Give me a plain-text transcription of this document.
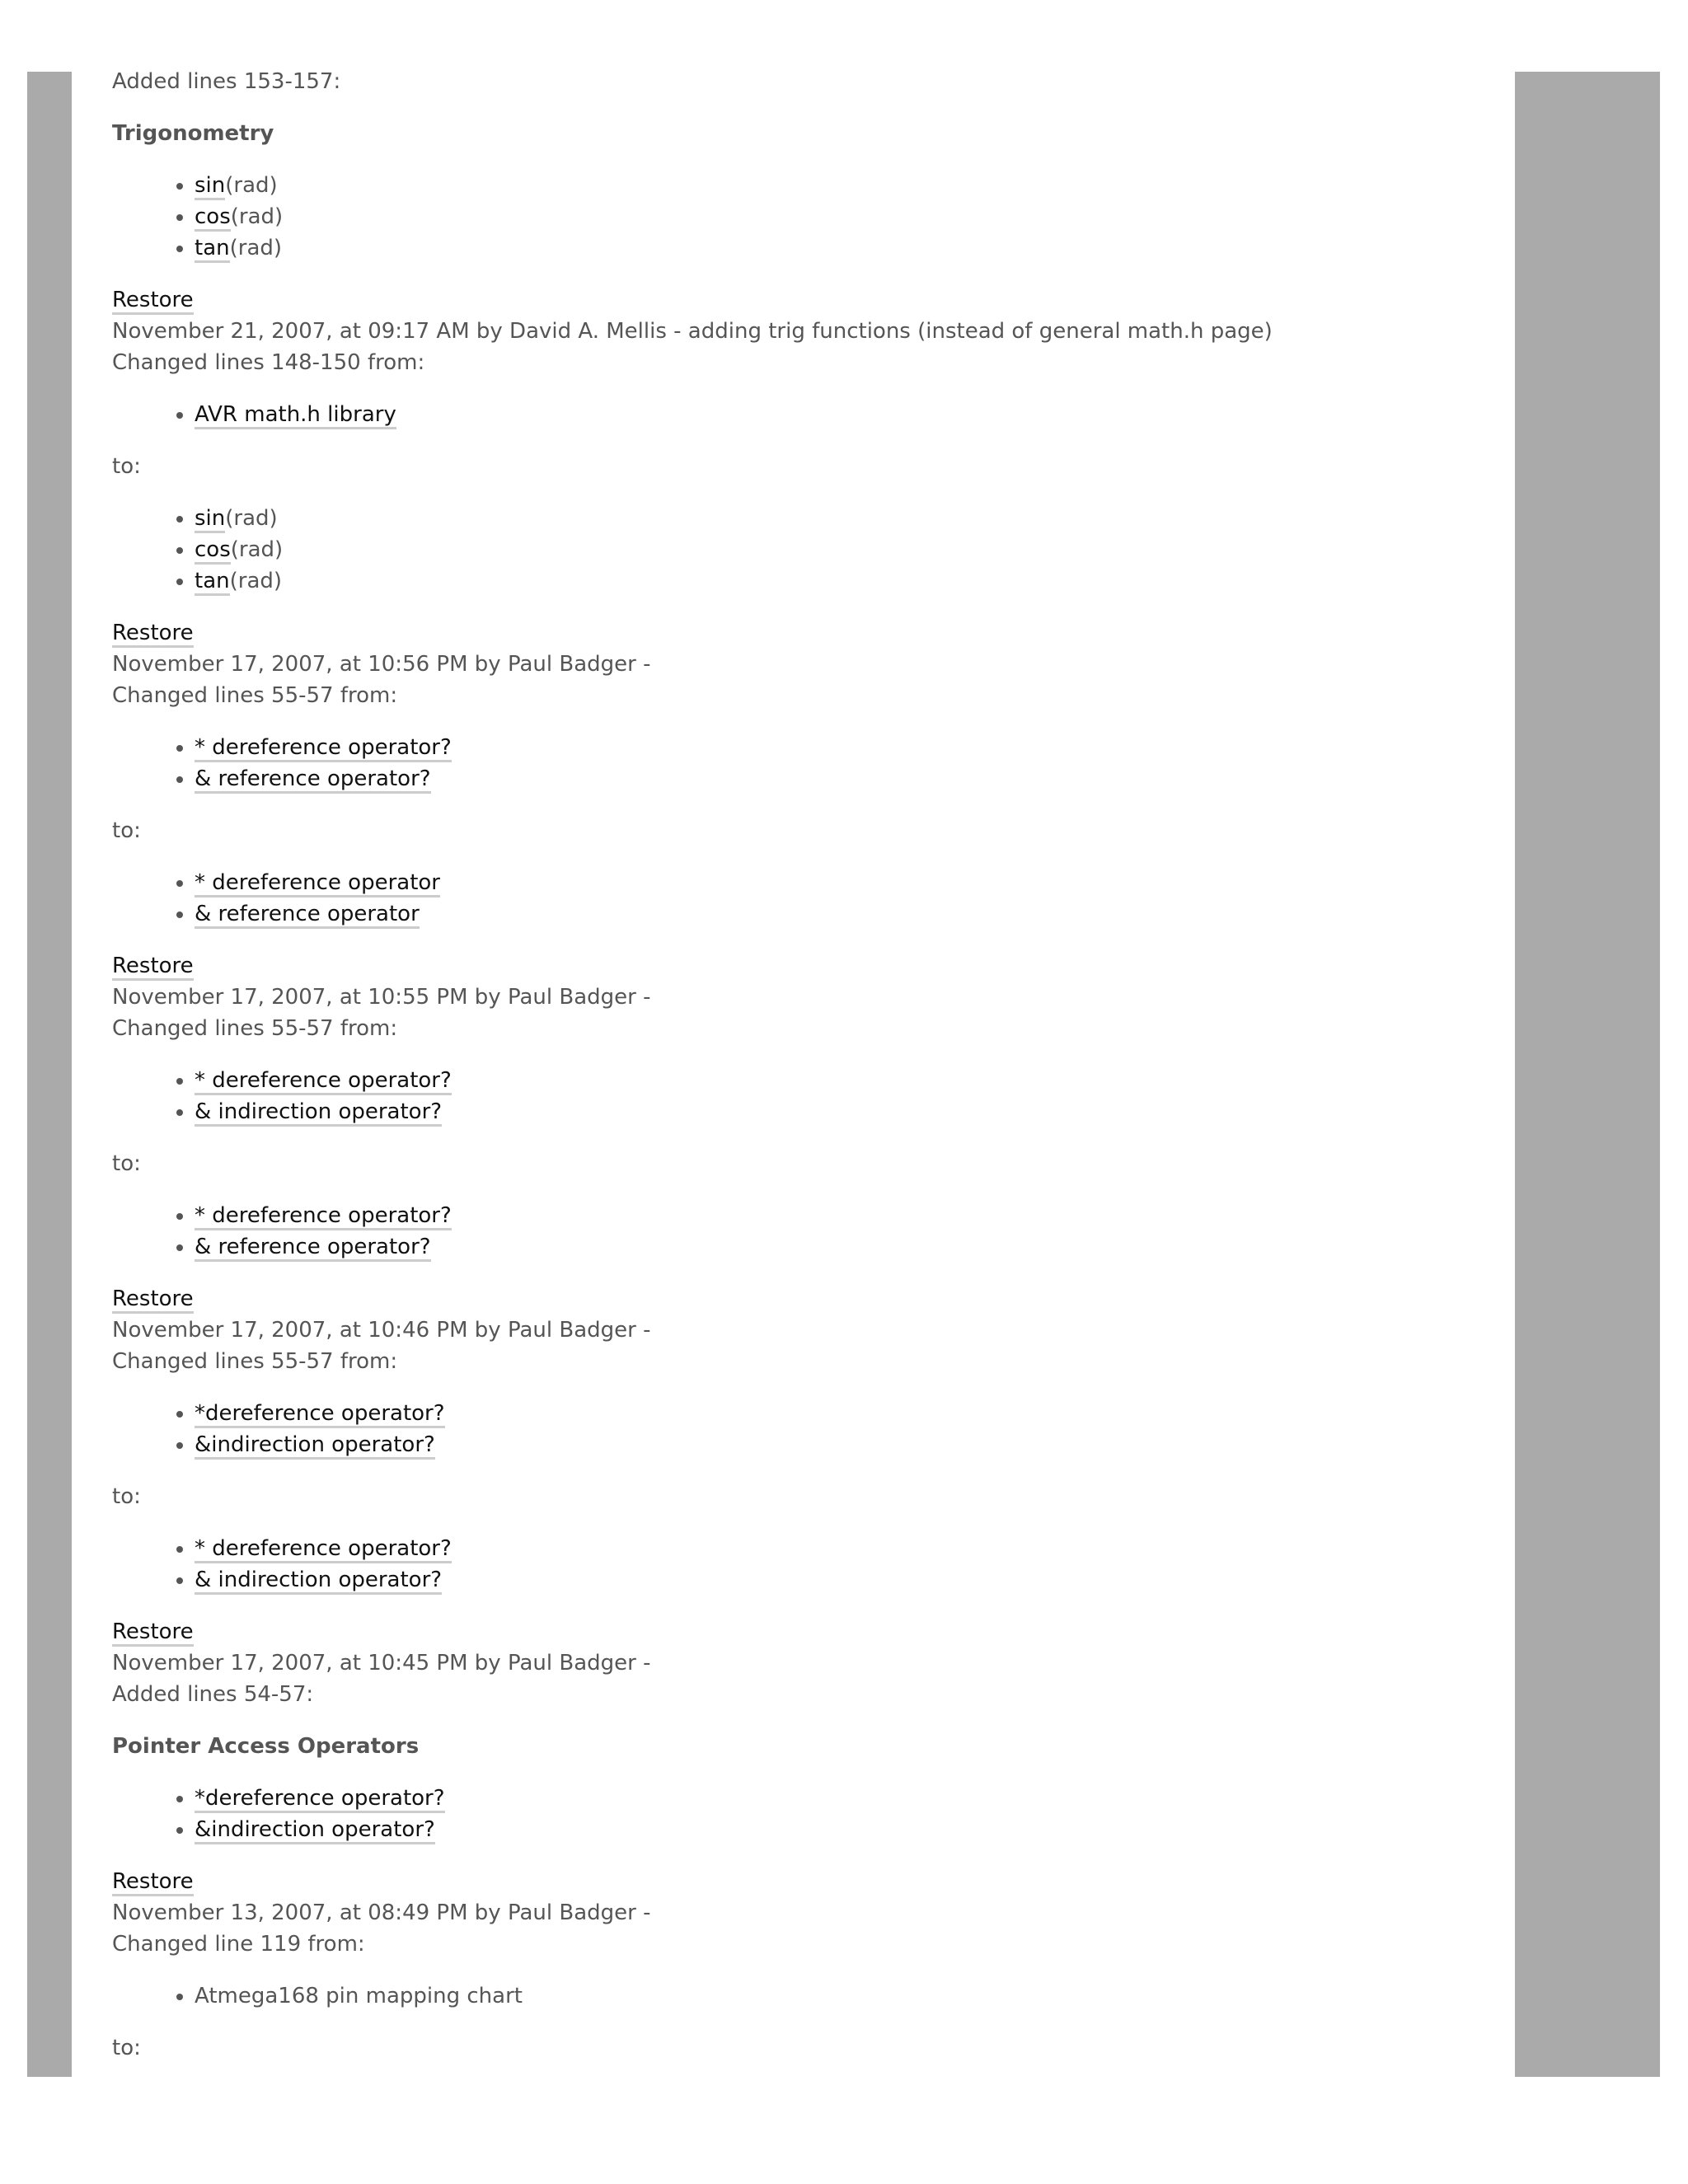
Added lines 153-157:

Trigonometry

• sin(rad)
• cos(rad)
• tan(rad)

Restore

November 21, 2007, at 09:17 AM by David A. Mellis - adding trig functions (instead of general math.h page)

Changed lines 148-150 from:

• AVR math.h library

to:

• sin(rad)
• cos(rad)
• tan(rad)

Restore

November 17, 2007, at 10:56 PM by Paul Badger -

Changed lines 55-57 from:

• * dereference operator?
• & reference operator?

to:

• * dereference operator
• & reference operator

Restore

November 17, 2007, at 10:55 PM by Paul Badger -

Changed lines 55-57 from:

• * dereference operator?
• & indirection operator?

to:

• * dereference operator?
• & reference operator?

Restore

November 17, 2007, at 10:46 PM by Paul Badger -

Changed lines 55-57 from:

• *dereference operator?
• &indirection operator?

to:

• * dereference operator?
• & indirection operator?

Restore

November 17, 2007, at 10:45 PM by Paul Badger -

Added lines 54-57:

Pointer Access Operators

• *dereference operator?
• &indirection operator?

Restore

November 13, 2007, at 08:49 PM by Paul Badger -

Changed line 119 from:

• Atmega168 pin mapping chart

to:
